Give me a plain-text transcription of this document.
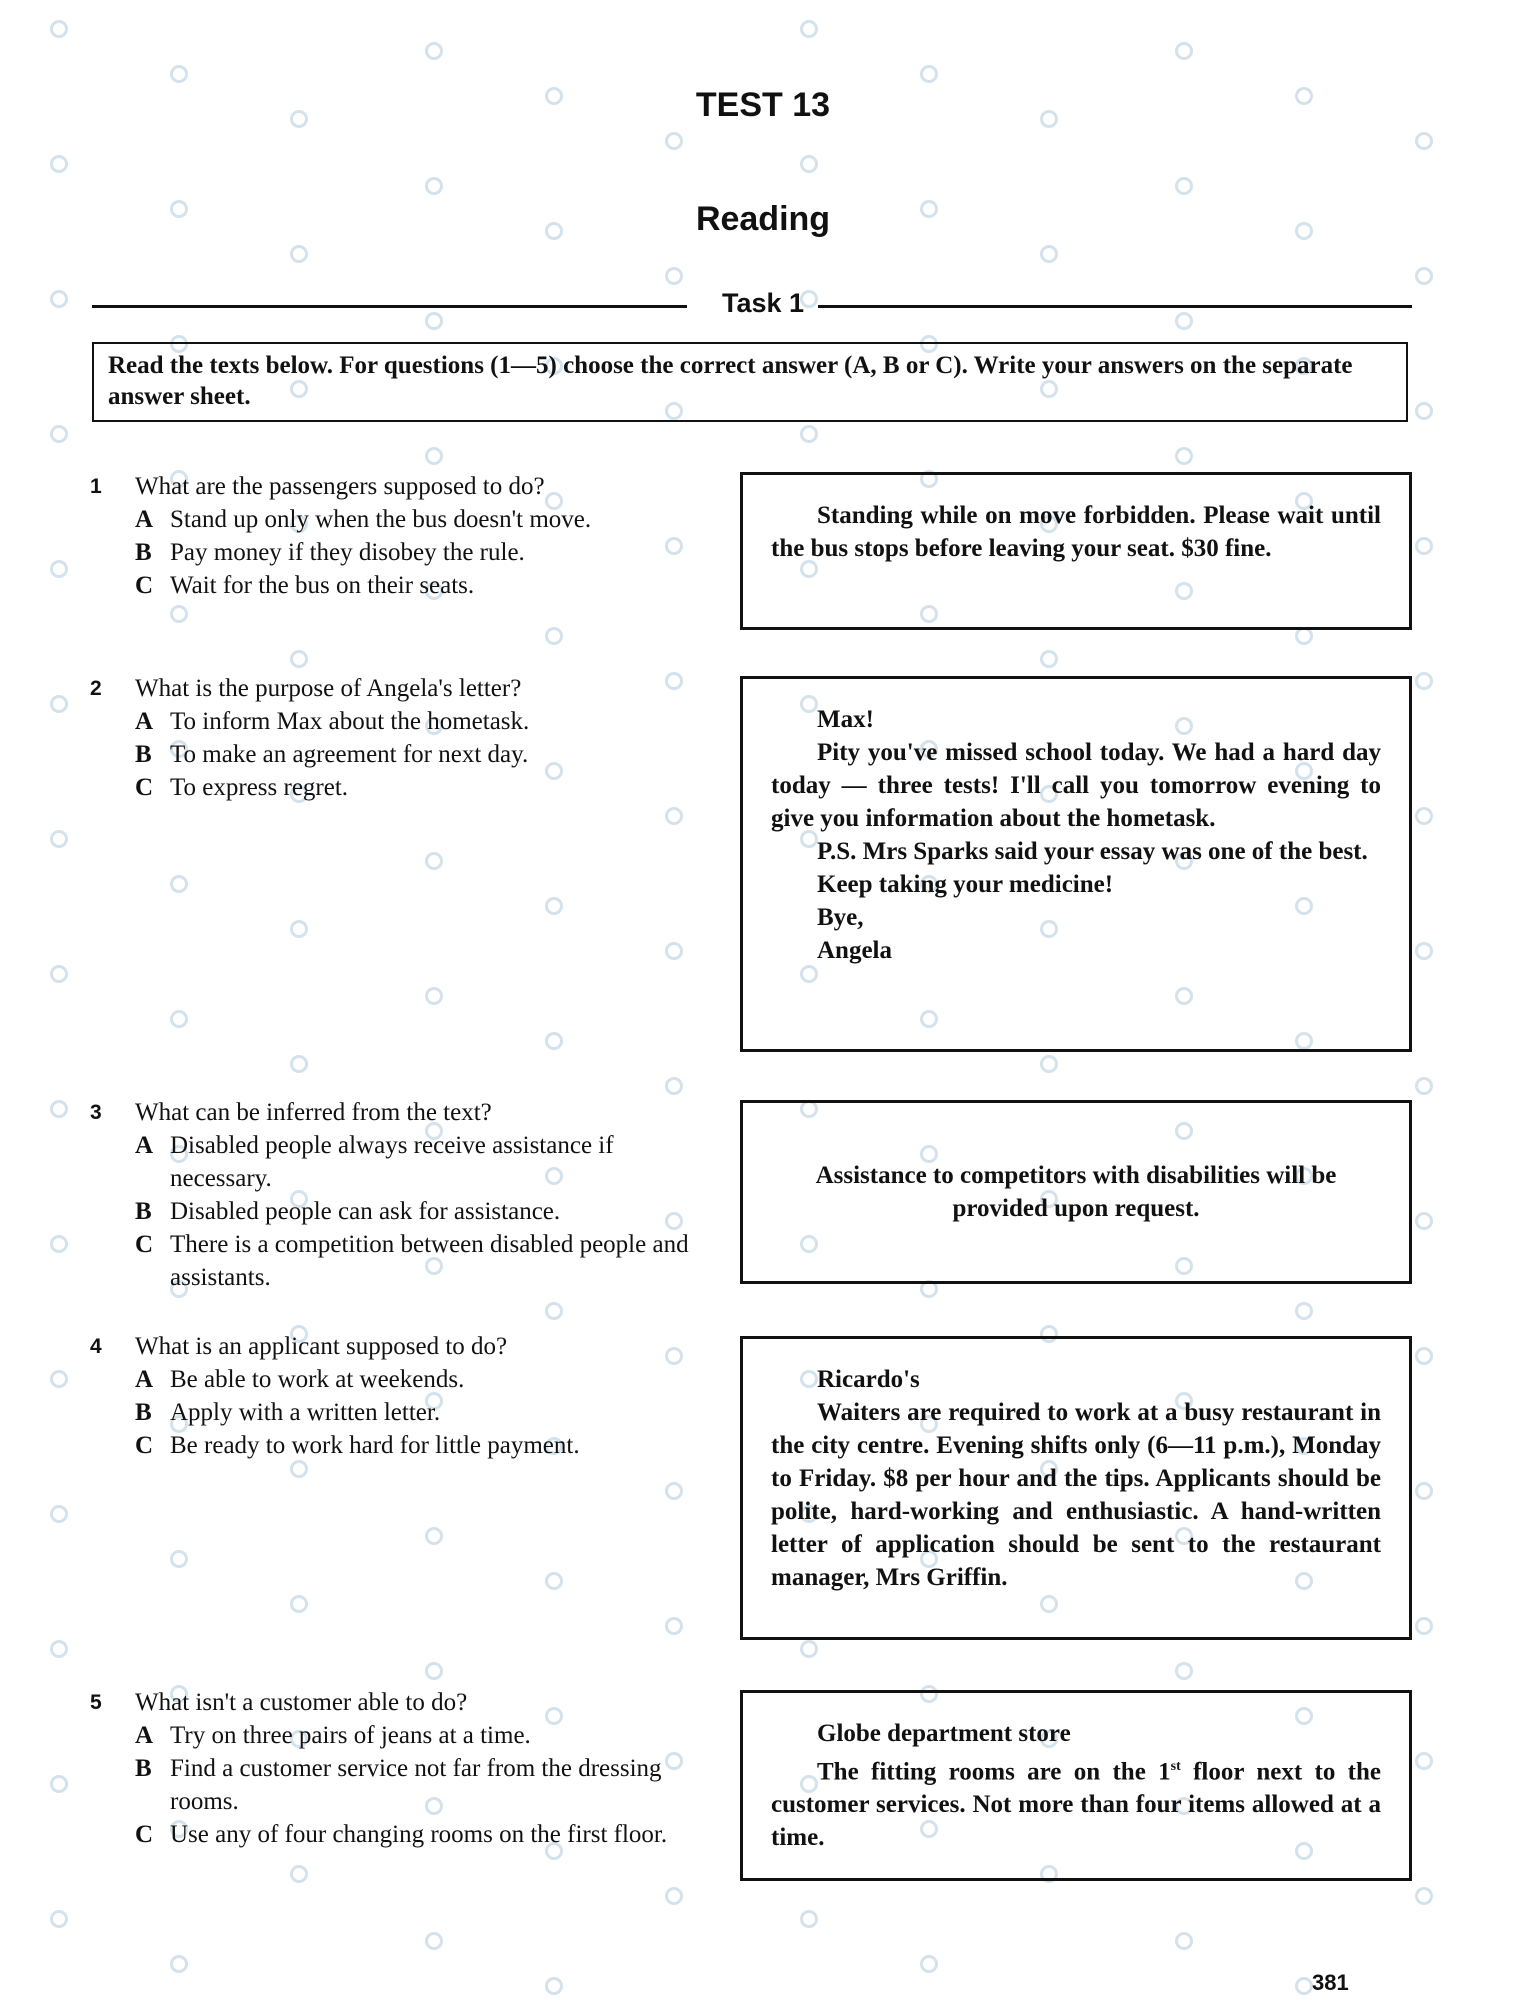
TEST 13
Reading
Task 1
Read the texts below. For questions (1—5) choose the correct answer (A, B or C). Write your answers on the separate answer sheet.
1	What are the passengers supposed to do?
A Stand up only when the bus doesn't move.
B Pay money if they disobey the rule.
C Wait for the bus on their seats.
2	What is the purpose of Angela's letter?
A To inform Max about the hometask.
B To make an agreement for next day.
C To express regret.
3	What can be inferred from the text?
A Disabled people always receive assistance if necessary.
B Disabled people can ask for assistance.
C There is a competition between disabled people and assistants.
4	What is an applicant supposed to do?
A Be able to work at weekends.
B Apply with a written letter.
C Be ready to work hard for little payment.
5	What isn't a customer able to do?
A Try on three pairs of jeans at a time.
B Find a customer service not far from the dressing rooms.
C Use any of four changing rooms on the first floor.

Standing while on move forbidden. Please wait until the bus stops before leaving your seat. $30 fine.

Max!

Pity you've missed school today. We had a hard day today — three tests! I'll call you tomorrow evening to give you information about the hometask.

P.S. Mrs Sparks said your essay was one of the best.

Keep taking your medicine!

Bye,

Angela

Assistance to competitors with disabilities will be provided upon request.

Ricardo's

Waiters are required to work at a busy restaurant in the city centre. Evening shifts only (6—11 p.m.), Monday to Friday. $8 per hour and the tips. Applicants should be polite, hard-working and enthusiastic. A hand-written letter of application should be sent to the restaurant manager, Mrs Griffin.

Globe department store

The fitting rooms are on the 1st floor next to the customer services. Not more than four items allowed at a time.

381
